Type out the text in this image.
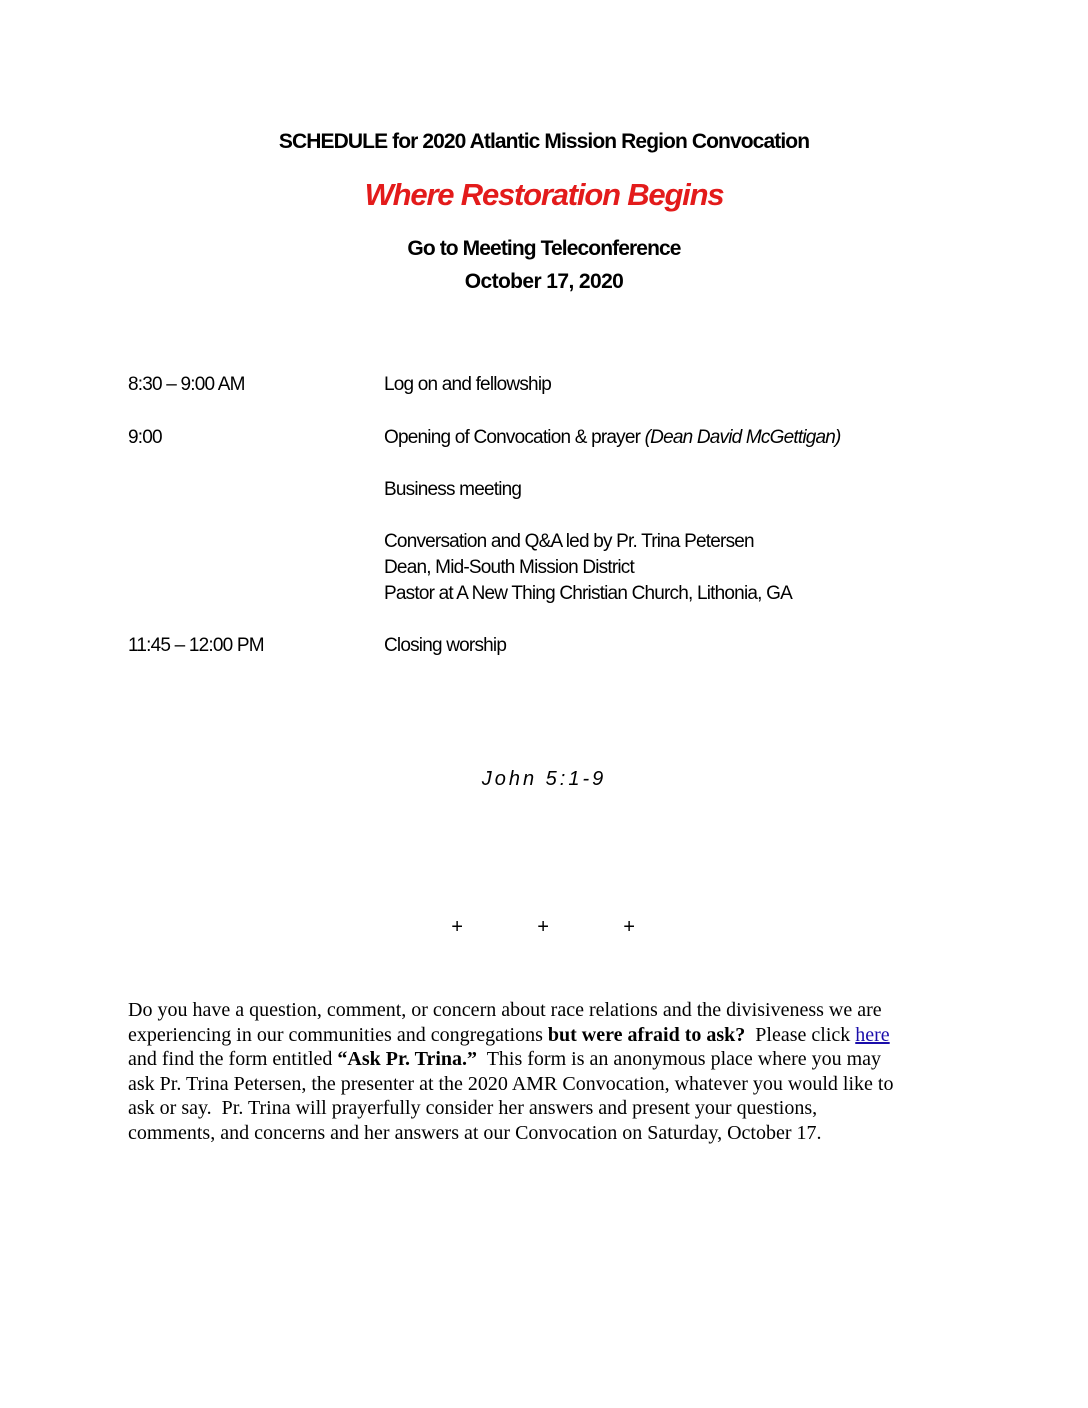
SCHEDULE for 2020 Atlantic Mission Region Convocation
Where Restoration Begins
Go to Meeting Teleconference
October 17, 2020
8:30 – 9:00 AM	Log on and fellowship
9:00	Opening of Convocation & prayer (Dean David McGettigan)
Business meeting
Conversation and Q&A led by Pr. Trina Petersen
Dean, Mid-South Mission District
Pastor at A New Thing Christian Church, Lithonia, GA
11:45 – 12:00 PM	Closing worship
John 5:1-9
+	+	+
Do you have a question, comment, or concern about race relations and the divisiveness we are
experiencing in our communities and congregations but were afraid to ask?  Please click here
and find the form entitled “Ask Pr. Trina.”  This form is an anonymous place where you may
ask Pr. Trina Petersen, the presenter at the 2020 AMR Convocation, whatever you would like to
ask or say.  Pr. Trina will prayerfully consider her answers and present your questions,
comments, and concerns and her answers at our Convocation on Saturday, October 17.
